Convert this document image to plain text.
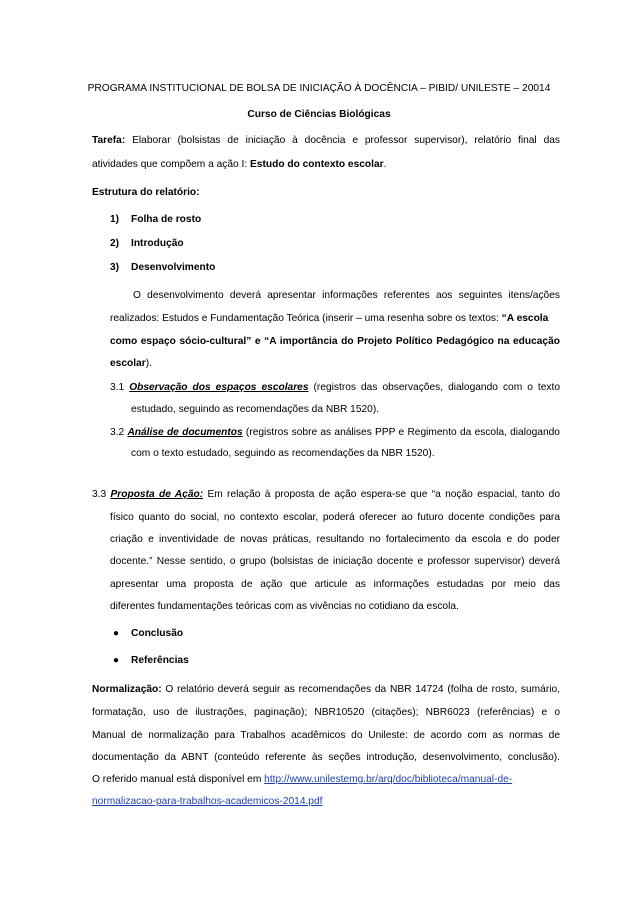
PROGRAMA INSTITUCIONAL DE BOLSA DE INICIAÇÃO À DOCÊNCIA – PIBID/ UNILESTE – 20014
Curso de Ciências Biológicas
Tarefa: Elaborar (bolsistas de iniciação à docência e professor supervisor), relatório final das
atividades que compõem a ação I: Estudo do contexto escolar.
Estrutura do relatório:
1) Folha de rosto
2) Introdução
3) Desenvolvimento
O desenvolvimento deverá apresentar informações referentes aos seguintes itens/ações
realizados: Estudos e Fundamentação Teórica (inserir – uma resenha sobre os textos: “A escola
como espaço sócio-cultural” e “A importância do Projeto Político Pedagógico na educação
escolar).
3.1 Observação dos espaços escolares (registros das observações, dialogando com o texto
estudado, seguindo as recomendações da NBR 1520).
3.2 Análise de documentos (registros sobre as análises PPP e Regimento da escola, dialogando
com o texto estudado, seguindo as recomendações da NBR 1520).
3.3 Proposta de Ação: Em relação à proposta de ação espera-se que “a noção espacial, tanto do
físico quanto do social, no contexto escolar, poderá oferecer ao futuro docente condições para
criação e inventividade de novas práticas, resultando no fortalecimento da escola e do poder
docente.” Nesse sentido, o grupo (bolsistas de iniciação docente e professor supervisor) deverá
apresentar uma proposta de ação que articule as informações estudadas por meio das
diferentes fundamentações teóricas com as vivências no cotidiano da escola.
● Conclusão
● Referências
Normalização: O relatório deverá seguir as recomendações da NBR 14724 (folha de rosto, sumário,
formatação, uso de ilustrações, paginação); NBR10520 (citações); NBR6023 (referências) e o
Manual de normalização para Trabalhos acadêmicos do Unileste: de acordo com as normas de
documentação da ABNT (conteúdo referente às seções introdução, desenvolvimento, conclusão).
O referido manual está disponível em http://www.unilestemg.br/arq/doc/biblioteca/manual-de-
normalizacao-para-trabalhos-academicos-2014.pdf
